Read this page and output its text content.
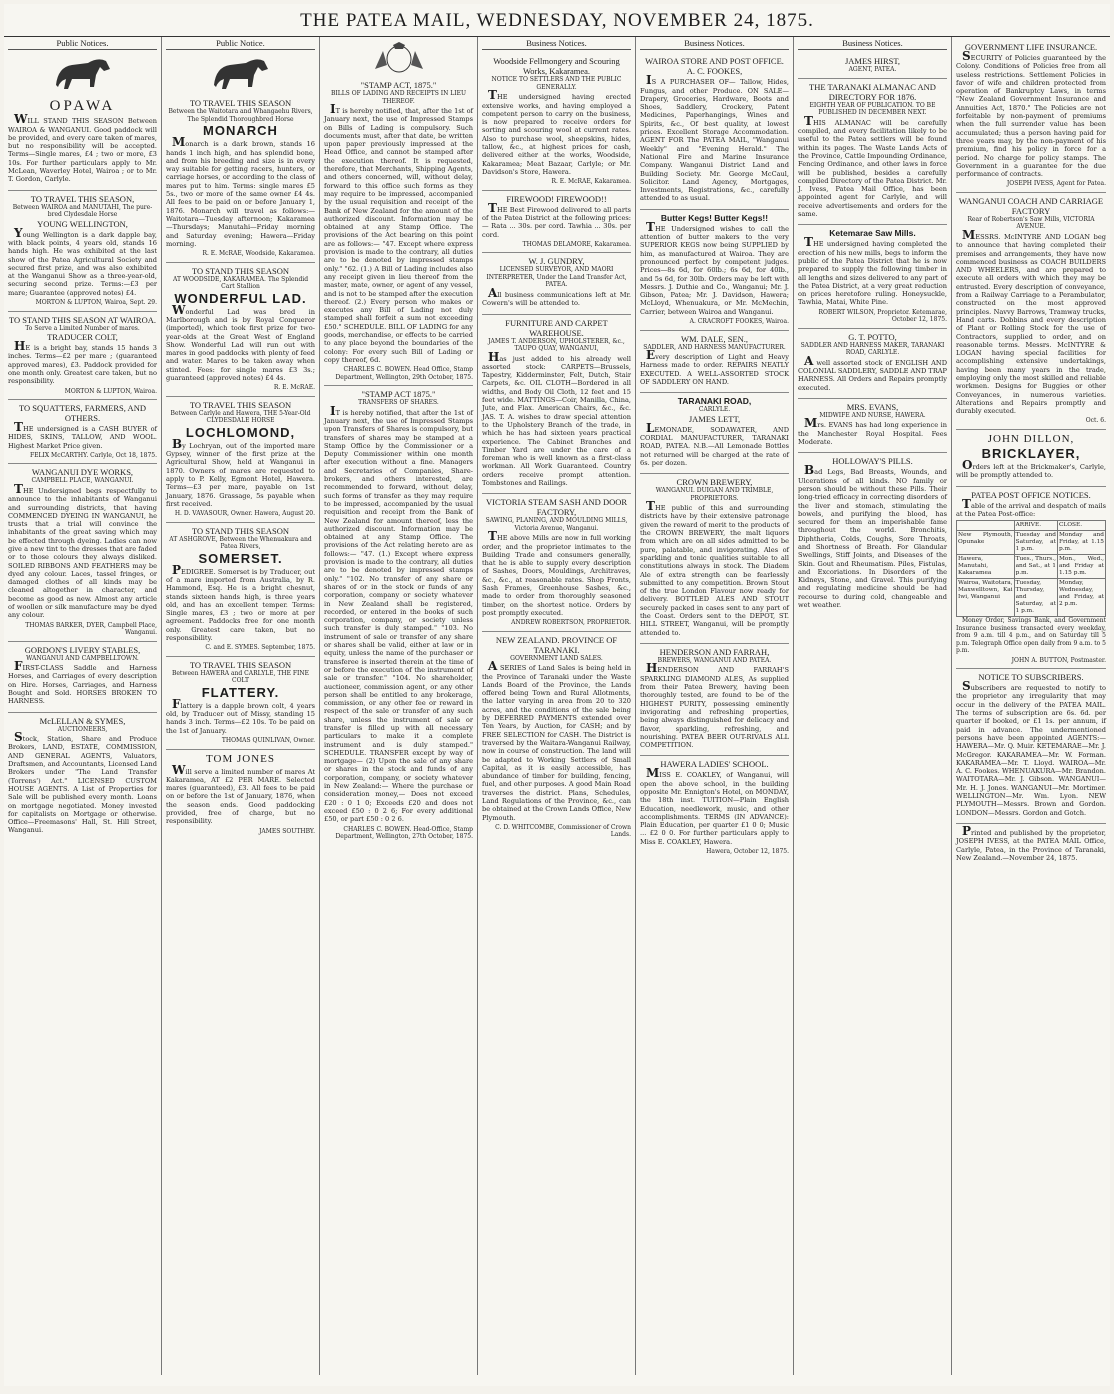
THE PATEA MAIL, WEDNESDAY, NOVEMBER 24, 1875.
Public Notices.
OPAWA

WILL STAND THIS SEASON Between WAIROA & WANGANUI. Good paddock will be provided, and every care taken of mares, but no responsibility will be accepted. Terms—Single mares, £4 ; two or more, £3 10s. For further particulars apply to Mr. McLean, Waverley Hotel, Wairoa ; or to Mr. T. Gordon, Carlyle.

TO TRAVEL THIS SEASON,
Between WAIROA and MANUTAHI, The pure-bred Clydesdale Horse
YOUNG WELLINGTON,

Young Wellington is a dark dapple bay, with black points, 4 years old, stands 16 hands high. He was exhibited at the last show of the Patea Agricultural Society and secured first prize, and was also exhibited at the Wanganui Show as a three-year-old, securing second prize. Terms:—£3 per mare; Guarantee (approved notes) £4.

MORTON & LUPTON, Wairoa, Sept. 29.
TO STAND THIS SEASON AT WAIROA.
To Serve a Limited Number of mares.
TRADUCER COLT,

HE is a bright bay, stands 15 hands 3 inches. Terms—£2 per mare ; (guaranteed approved mares), £3. Paddock provided for one month only. Greatest care taken, but no responsibility.

MORTON & LUPTON, Wairoa.
TO SQUATTERS, FARMERS, AND OTHERS.

THE undersigned is a CASH BUYER of HIDES, SKINS, TALLOW, AND WOOL. Highest Market Price given.

FELIX McCARTHY. Carlyle, Oct 18, 1875.
WANGANUI DYE WORKS,
CAMPBELL PLACE, WANGANUI.

THE Undersigned begs respectfully to announce to the inhabitants of Wanganui and surrounding districts, that having COMMENCED DYEING IN WANGANUI, he trusts that a trial will convince the inhabitants of the great saving which may be effected through dyeing. Ladies can now give a new tint to the dresses that are faded or to those colours they always disliked. SOILED RIBBONS AND FEATHERS may be dyed any colour. Laces, tassel fringes, or damaged clothes of all kinds may be cleaned altogether in character, and become as good as new. Almost any article of woollen or silk manufacture may be dyed any colour.

THOMAS BARKER, DYER, Campbell Place, Wanganui.
GORDON'S LIVERY STABLES,
WANGANUI AND CAMPBELLTOWN.

FIRST-CLASS Saddle and Harness Horses, and Carriages of every description on Hire. Horses, Carriages, and Harness Bought and Sold. HORSES BROKEN TO HARNESS.

McLELLAN & SYMES,
AUCTIONEERS,

Stock, Station, Share and Produce Brokers, LAND, ESTATE, COMMISSION, AND GENERAL AGENTS, Valuators, Draftsmen, and Accountants, Licensed Land Brokers under "The Land Transfer (Torrens') Act." LICENSED CUSTOM HOUSE AGENTS. A List of Properties for Sale will be published every month. Loans on mortgage negotiated. Money invested for capitalists on Mortgage or otherwise. Office—Freemasons' Hall, St. Hill Street, Wanganui.

Public Notice.
TO TRAVEL THIS SEASON
Between the Waitotara and Whangaehu Rivers, The Splendid Thoroughbred Horse
MONARCH

Monarch is a dark brown, stands 16 hands 1 inch high, and has splendid bone, and from his breeding and size is in every way suitable for getting racers, hunters, or carriage horses, or according to the class of mares put to him. Terms: single mares £5 5s., two or more of the same owner £4 4s. All fees to be paid on or before January 1, 1876. Monarch will travel as follows:—Waitotara—Tuesday afternoon; Kakaramea—Thursdays; Manutahi—Friday morning and Saturday evening; Hawera—Friday morning.

R. E. McRAE, Woodside, Kakaramea.
TO STAND THIS SEASON
AT WOODSIDE, KAKARAMEA. The Splendid Cart Stallion
WONDERFUL LAD.

Wonderful Lad was bred in Marlborough and is by Royal Conqueror (imported), which took first prize for two-year-olds at the Great West of England Show. Wonderful Lad will run out with mares in good paddocks with plenty of feed and water. Mares to be taken away when stinted. Fees: for single mares £3 3s.; guaranteed (approved notes) £4 4s.

R. E. McRAE.
TO TRAVEL THIS SEASON
Between Carlyle and Hawera, THE 5-Year-Old CLYDESDALE HORSE
LOCHLOMOND,

By Lochryan, out of the imported mare Gypsey, winner of the first prize at the Agricultural Show, held at Wanganui in 1870. Owners of mares are requested to apply to P. Kelly, Egmont Hotel, Hawera. Terms—£3 per mare, payable on 1st January, 1876. Grassage, 5s payable when first received.

H. D. VAVASOUR, Owner. Hawera, August 20.
TO STAND THIS SEASON
AT ASHGROVE, Between the Whenuakura and Patea Rivers,
SOMERSET.

PEDIGREE. Somerset is by Traducer, out of a mare imported from Australia, by R. Hammond, Esq. He is a bright chesnut, stands sixteen hands high, is three years old, and has an excellent temper. Terms: Single mares, £3 ; two or more at per agreement. Paddocks free for one month only. Greatest care taken, but no responsibility.

C. and E. SYMES. September, 1875.
TO TRAVEL THIS SEASON
Between HAWERA and CARLYLE, THE FINE COLT
FLATTERY.

Flattery is a dapple brown colt, 4 years old, by Traducer out of Missy, standing 15 hands 3 inch. Terms—£2 10s. To be paid on the 1st of January.

THOMAS QUINLIVAN, Owner.
TOM JONES

Will serve a limited number of mares At Kakaramea, AT £2 PER MARE. Selected mares (guaranteed), £3. All fees to be paid on or before the 1st of January, 1876, when the season ends. Good paddocking provided, free of charge, but no responsibility.

JAMES SOUTHBY.
"STAMP ACT, 1875."
BILLS OF LADING AND RECEIPTS IN LIEU THEREOF.

IT is hereby notified, that, after the 1st of January next, the use of Impressed Stamps on Bills of Lading is compulsory. Such documents must, after that date, be written upon paper previously impressed at the Head Office, and cannot be stamped after the execution thereof. It is requested, therefore, that Merchants, Shipping Agents, and others concerned, will, without delay, forward to this office such forms as they may require to be impressed, accompanied by the usual requisition and receipt of the Bank of New Zealand for the amount of the authorized discount. Information may be obtained at any Stamp Office. The provisions of the Act bearing on this point are as follows:— "47. Except where express provision is made to the contrary, all duties are to be denoted by impressed stamps only." "62. (1.) A Bill of Lading includes also any receipt given in lieu thereof from the master, mate, owner, or agent of any vessel, and is not to be stamped after the execution thereof. (2.) Every person who makes or executes any Bill of Lading not duly stamped shall forfeit a sum not exceeding £50." SCHEDULE. BILL OF LADING for any goods, merchandise, or effects to be carried to any place beyond the boundaries of the colony: For every such Bill of Lading or copy thereof, 6d.

CHARLES C. BOWEN. Head Office, Stamp Department, Wellington, 29th October, 1875.
"STAMP ACT 1875."
TRANSFERS OF SHARES.

IT is hereby notified, that after the 1st of January next, the use of Impressed Stamps upon Transfers of Shares is compulsory, but transfers of shares may be stamped at a Stamp Office by the Commissioner or a Deputy Commissioner within one month after execution without a fine. Managers and Secretaries of Companies, Share-brokers, and others interested, are recommended to forward, without delay, such forms of transfer as they may require to be impressed, accompanied by the usual requisition and receipt from the Bank of New Zealand for amount thereof, less the authorized discount. Information may be obtained at any Stamp Office. The provisions of the Act relating hereto are as follows:— "47. (1.) Except where express provision is made to the contrary, all duties are to be denoted by impressed stamps only." "102. No transfer of any share or shares of or in the stock or funds of any corporation, company or society whatever in New Zealand shall be registered, recorded, or entered in the books of such corporation, company, or society unless such transfer is duly stamped." "103. No instrument of sale or transfer of any share or shares shall be valid, either at law or in equity, unless the name of the purchaser or transferee is inserted therein at the time of or before the execution of the instrument of sale or transfer." "104. No shareholder, auctioneer, commission agent, or any other person shall be entitled to any brokerage, commission, or any other fee or reward in respect of the sale or transfer of any such share, unless the instrument of sale or transfer is filled up with all necessary particulars to make it a complete instrument and is duly stamped." SCHEDULE. TRANSFER except by way of mortgage— (2) Upon the sale of any share or shares in the stock and funds of any corporation, company, or society whatever in New Zealand:— Where the purchase or consideration money,— Does not exceed £20 : 0 1 0; Exceeds £20 and does not exceed £50 : 0 2 6; For every additional £50, or part £50 : 0 2 6.

CHARLES C. BOWEN. Head-Office, Stamp Department, Wellington, 27th October, 1875.
Business Notices.
Woodside Fellmongery and Scouring Works, Kakaramea.
NOTICE TO SETTLERS AND THE PUBLIC GENERALLY.

THE undersigned having erected extensive works, and having employed a competent person to carry on the business, is now prepared to receive orders for sorting and scouring wool at current rates. Also to purchase wool, sheepskins, hides, tallow, &c., at highest prices for cash, delivered either at the works, Woodside, Kakaramea; Meat Bazaar, Carlyle; or Mr. Davidson's Store, Hawera.

R. E. McRAE, Kakaramea.
FIREWOOD! FIREWOOD!!

THE Best Firewood delivered to all parts of the Patea District at the following prices:— Rata ... 30s. per cord. Tawhia ... 30s. per cord.

THOMAS DELAMORE, Kakaramea.
W. J. GUNDRY,
LICENSED SURVEYOR, AND MAORI INTERPRETER, Under the Land Transfer Act, PATEA.

All business communications left at Mr. Cowern's will be attended to.

FURNITURE AND CARPET WAREHOUSE.
JAMES T. ANDERSON, UPHOLSTERER, &c., TAUPO QUAY, WANGANUI,

Has just added to his already well assorted stock: CARPETS—Brussels, Tapestry, Kidderminster, Felt, Dutch, Stair Carpets, &c. OIL CLOTH—Bordered in all widths, and Body Oil Cloth, 12 feet and 15 feet wide. MATTINGS—Coir, Manilla, China, Jute, and Flax. American Chairs, &c., &c. JAS. T. A. wishes to draw special attention to the Upholstery Branch of the trade, in which he has had sixteen years practical experience. The Cabinet Branches and Timber Yard are under the care of a foreman who is well known as a first-class workman. All Work Guaranteed. Country orders receive prompt attention. Tombstones and Railings.

VICTORIA STEAM SASH AND DOOR FACTORY,
SAWING, PLANING, AND MOULDING MILLS, Victoria Avenue, Wanganui.

THE above Mills are now in full working order, and the proprietor intimates to the Building Trade and consumers generally, that he is able to supply every description of Sashes, Doors, Mouldings, Architraves, &c., &c., at reasonable rates. Shop Fronts, Sash Frames, Greenhouse Sashes, &c., made to order from thoroughly seasoned timber, on the shortest notice. Orders by post promptly executed.

ANDREW ROBERTSON, PROPRIETOR.
NEW ZEALAND. PROVINCE OF TARANAKI.
GOVERNMENT LAND SALES.

A SERIES of Land Sales is being held in the Province of Taranaki under the Waste Lands Board of the Province, the Lands offered being Town and Rural Allotments, the latter varying in area from 20 to 320 acres, and the conditions of the sale being by DEFERRED PAYMENTS extended over Ten Years, by Auction, for CASH; and by FREE SELECTION for CASH. The District is traversed by the Waitara-Wanganui Railway, now in course of construction. The land will be adapted to Working Settlers of Small Capital, as it is easily accessible, has abundance of timber for building, fencing, fuel, and other purposes. A good Main Road traverses the district. Plans, Schedules, Land Regulations of the Province, &c., can be obtained at the Crown Lands Office, New Plymouth.

C. D. WHITCOMBE, Commissioner of Crown Lands.
Business Notices.
WAIROA STORE AND POST OFFICE.
A. C. FOOKES,

IS A PURCHASER OF— Tallow, Hides, Fungus, and other Produce. ON SALE— Drapery, Groceries, Hardware, Boots and Shoes, Saddlery, Crockery, Patent Medicines, Paperhangings, Wines and Spirits, &c., Of best quality, at lowest prices. Excellent Storage Accommodation. AGENT FOR The PATEA MAIL, "Wanganui Weekly" and "Evening Herald." The National Fire and Marine Insurance Company. Wanganui District Land and Building Society. Mr. George McCaul, Solicitor. Land Agency, Mortgages, Investments, Registrations, &c., carefully attended to as usual.

Butter Kegs! Butter Kegs!!

THE Undersigned wishes to call the attention of butter makers to the very SUPERIOR KEGS now being SUPPLIED by him, as manufactured at Wairoa. They are pronounced perfect by competent judges. Prices—8s 6d, for 60lb.; 6s 6d, for 40lb., and 5s 6d, for 30lb. Orders may be left with Messrs. J. Duthie and Co., Wanganui; Mr. J. Gibson, Patea; Mr. J. Davidson, Hawera; McLloyd, Whenuakura, or Mr. McMechin, Carrier, between Wairoa and Wanganui.

A. CRACROFT FOOKES, Wairoa.
WM. DALE, SEN.,
SADDLER, AND HARNESS MANUFACTURER.

Every description of Light and Heavy Harness made to order. REPAIRS NEATLY EXECUTED. A WELL-ASSORTED STOCK OF SADDLERY ON HAND.

TARANAKI ROAD,
CARLYLE.
JAMES LETT,

LEMONADE, SODAWATER, AND CORDIAL MANUFACTURER, TARANAKI ROAD, PATEA. N.B.—All Lemonade Bottles not returned will be charged at the rate of 6s. per dozen.

CROWN BREWERY,
WANGANUI. DUIGAN AND TRIMBLE, PROPRIETORS.

THE public of this and surrounding districts have by their extensive patronage given the reward of merit to the products of the CROWN BREWERY, the malt liquors from which are on all sides admitted to be pure, palatable, and invigorating. Ales of sparkling and tonic qualities suitable to all constitutions always in stock. The Diadem Ale of extra strength can be fearlessly submitted to any competition. Brown Stout of the true London Flavour now ready for delivery. BOTTLED ALES AND STOUT securely packed in cases sent to any part of the Coast. Orders sent to the DEPOT, ST. HILL STREET, Wanganui, will be promptly attended to.

HENDERSON AND FARRAH,
BREWERS, WANGANUI AND PATEA.

HENDERSON AND FARRAH'S SPARKLING DIAMOND ALES, As supplied from their Patea Brewery, having been thoroughly tested, are found to be of the HIGHEST PURITY, possessing eminently invigorating and refreshing properties, being always distinguished for delicacy and flavor, sparkling, refreshing, and nourishing. PATEA BEER OUT-RIVALS ALL COMPETITION.

HAWERA LADIES' SCHOOL.

MISS E. COAKLEY, of Wanganui, will open the above school, in the building opposite Mr. Ennigton's Hotel, on MONDAY, the 18th inst. TUITION—Plain English Education, needlework, music, and other accomplishments. TERMS (IN ADVANCE): Plain Education, per quarter £1 0 0; Music ... £2 0 0. For further particulars apply to Miss E. COAKLEY, Hawera.

Hawera, October 12, 1875.
Business Notices.
JAMES HIRST,
AGENT, PATEA.
THE TARANAKI ALMANAC AND DIRECTORY FOR 1876.
EIGHTH YEAR OF PUBLICATION. TO BE PUBLISHED IN DECEMBER NEXT.

THIS ALMANAC will be carefully compiled, and every facilitation likely to be useful to the Patea settlers will be found within its pages. The Waste Lands Acts of the Province, Cattle Impounding Ordinance, Fencing Ordinance, and other laws in force will be published, besides a carefully compiled Directory of the Patea District. Mr. J. Ivess, Patea Mail Office, has been appointed agent for Carlyle, and will receive advertisements and orders for the same.

Ketemarae Saw Mills.

THE undersigned having completed the erection of his new mills, begs to inform the public of the Patea District that he is now prepared to supply the following timber in all lengths and sizes delivered to any part of the Patea District, at a very great reduction on prices heretofore ruling. Honeysuckle, Tawhia, Matai, White Pine.

ROBERT WILSON, Proprietor. Ketemarae, October 12, 1875.
G. T. POTTO,
SADDLER AND HARNESS MAKER, TARANAKI ROAD, CARLYLE.

A well assorted stock of ENGLISH AND COLONIAL SADDLERY, SADDLE AND TRAP HARNESS. All Orders and Repairs promptly executed.

MRS. EVANS,
MIDWIFE AND NURSE, HAWERA.

Mrs. EVANS has had long experience in the Manchester Royal Hospital. Fees Moderate.

HOLLOWAY'S PILLS.

Bad Legs, Bad Breasts, Wounds, and Ulcerations of all kinds. NO family or person should be without these Pills. Their long-tried efficacy in correcting disorders of the liver and stomach, stimulating the bowels, and purifying the blood, has secured for them an imperishable fame throughout the world. Bronchitis, Diphtheria, Colds, Coughs, Sore Throats, and Shortness of Breath. For Glandular Swellings, Stiff Joints, and Diseases of the Skin. Gout and Rheumatism. Piles, Fistulas, and Excoriations. In Disorders of the Kidneys, Stone, and Gravel. This purifying and regulating medicine should be had recourse to during cold, changeable and wet weather.

GOVERNMENT LIFE INSURANCE.

SECURITY of Policies guaranteed by the Colony. Conditions of Policies free from all useless restrictions. Settlement Policies in favor of wife and children protected from operation of Bankruptcy Laws, in terms "New Zealand Government Insurance and Annuities Act, 1870." The Policies are not forfeitable by non-payment of premiums when the full surrender value has been accumulated; thus a person having paid for three years may, by the non-payment of his premium, find his policy in force for a period. No charge for policy stamps. The Government in a guarantee for the due performance of contracts.

JOSEPH IVESS, Agent for Patea.
WANGANUI COACH AND CARRIAGE FACTORY
Rear of Robertson's Saw Mills, VICTORIA AVENUE.

MESSRS. McINTYRE AND LOGAN beg to announce that having completed their premises and arrangements, they have now commenced business as COACH BUILDERS AND WHEELERS, and are prepared to execute all orders with which they may be entrusted. Every description of conveyance, from a Railway Carriage to a Perambulator, constructed on the most approved principles. Navvy Barrows, Tramway trucks, Hand carts. Dobbins and every description of Plant or Rolling Stock for the use of Contractors, supplied to order, and on reasonable terms. Messrs. McINTYRE & LOGAN having special facilities for accomplishing extensive undertakings, having been many years in the trade, employing only the most skilled and reliable workmen. Designs for Buggies or other Conveyances, in numerous varieties. Alterations and Repairs promptly and durably executed.

Oct. 6.
JOHN DILLON,
BRICKLAYER,

Orders left at the Brickmaker's, Carlyle, will be promptly attended to.

PATEA POST OFFICE NOTICES.

Table of the arrival and despatch of mails at the Patea Post-office:

	ARRIVE.	CLOSE.
New Plymouth, Opunake	Tuesday and Saturday, at 1 p.m.	Monday and Friday, at 1.15 p.m.
Hawera, Manutahi, Kakaramea	Tues., Thurs., and Sat., at 1 p.m.	Mon., Wed., and Friday at 1.15 p.m.
Wairoa, Waitotara, Maxwelltown, Kai Iwi, Wanganui	Tuesday, Thursday, and Saturday, at 1 p.m.	Monday, Wednesday, and Friday, at 2 p.m.

Money Order, Savings Bank, and Government Insurance business transacted every weekday, from 9 a.m. till 4 p.m., and on Saturday till 5 p.m. Telegraph Office open daily from 9 a.m. to 5 p.m.

JOHN A. BUTTON, Postmaster.
NOTICE TO SUBSCRIBERS.

Subscribers are requested to notify to the proprietor any irregularity that may occur in the delivery of the PATEA MAIL. The terms of subscription are 6s. 6d. per quarter if booked, or £1 1s. per annum, if paid in advance. The undermentioned persons have been appointed AGENTS:— HAWERA—Mr. Q. Muir. KETEMARAE—Mr. J. McGregor. KAKARAMEA—Mr. W. Forman. KAKARAMEA—Mr. T. Lloyd. WAIROA—Mr. A. C. Fookes. WHENUAKURA—Mr. Brandon. WAITOTARA—Mr. J. Gibson. WANGANUI—Mr. H. J. Jones. WANGANUI—Mr. Mortimer. WELLINGTON—Mr. Wm. Lyon. NEW PLYMOUTH—Messrs. Brown and Gordon. LONDON—Messrs. Gordon and Gotch.

Printed and published by the proprietor, JOSEPH IVESS, at the PATEA MAIL Office, Carlyle, Patea, in the Province of Taranaki, New Zealand.—November 24, 1875.
